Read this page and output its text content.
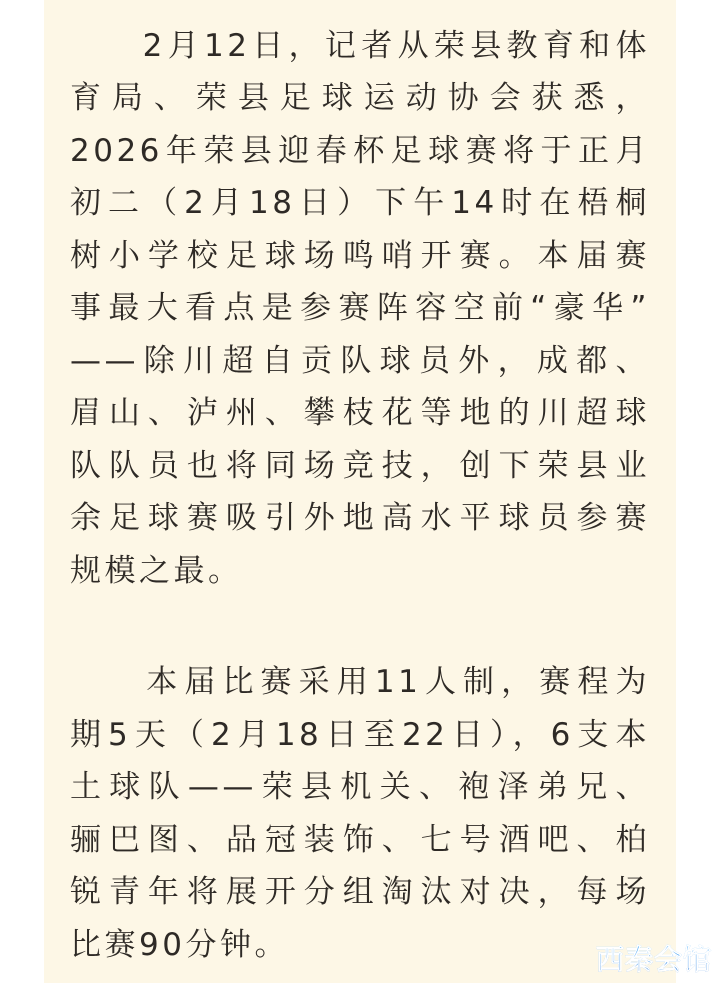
　　2月12日，记者从荣县教育和体
育局、荣县足球运动协会获悉，
2026年荣县迎春杯足球赛将于正月
初二（2月18日）下午14时在梧桐
树小学校足球场鸣哨开赛。本届赛
事最大看点是参赛阵容空前“豪华”
——除川超自贡队球员外，成都、
眉山、泸州、攀枝花等地的川超球
队队员也将同场竞技，创下荣县业
余足球赛吸引外地高水平球员参赛
规模之最。
　　本届比赛采用11人制，赛程为
期5天（2月18日至22日），6支本
土球队——荣县机关、袍泽弟兄、
骊巴图、品冠装饰、七号酒吧、柏
锐青年将展开分组淘汰对决，每场
比赛90分钟。	西秦会馆
